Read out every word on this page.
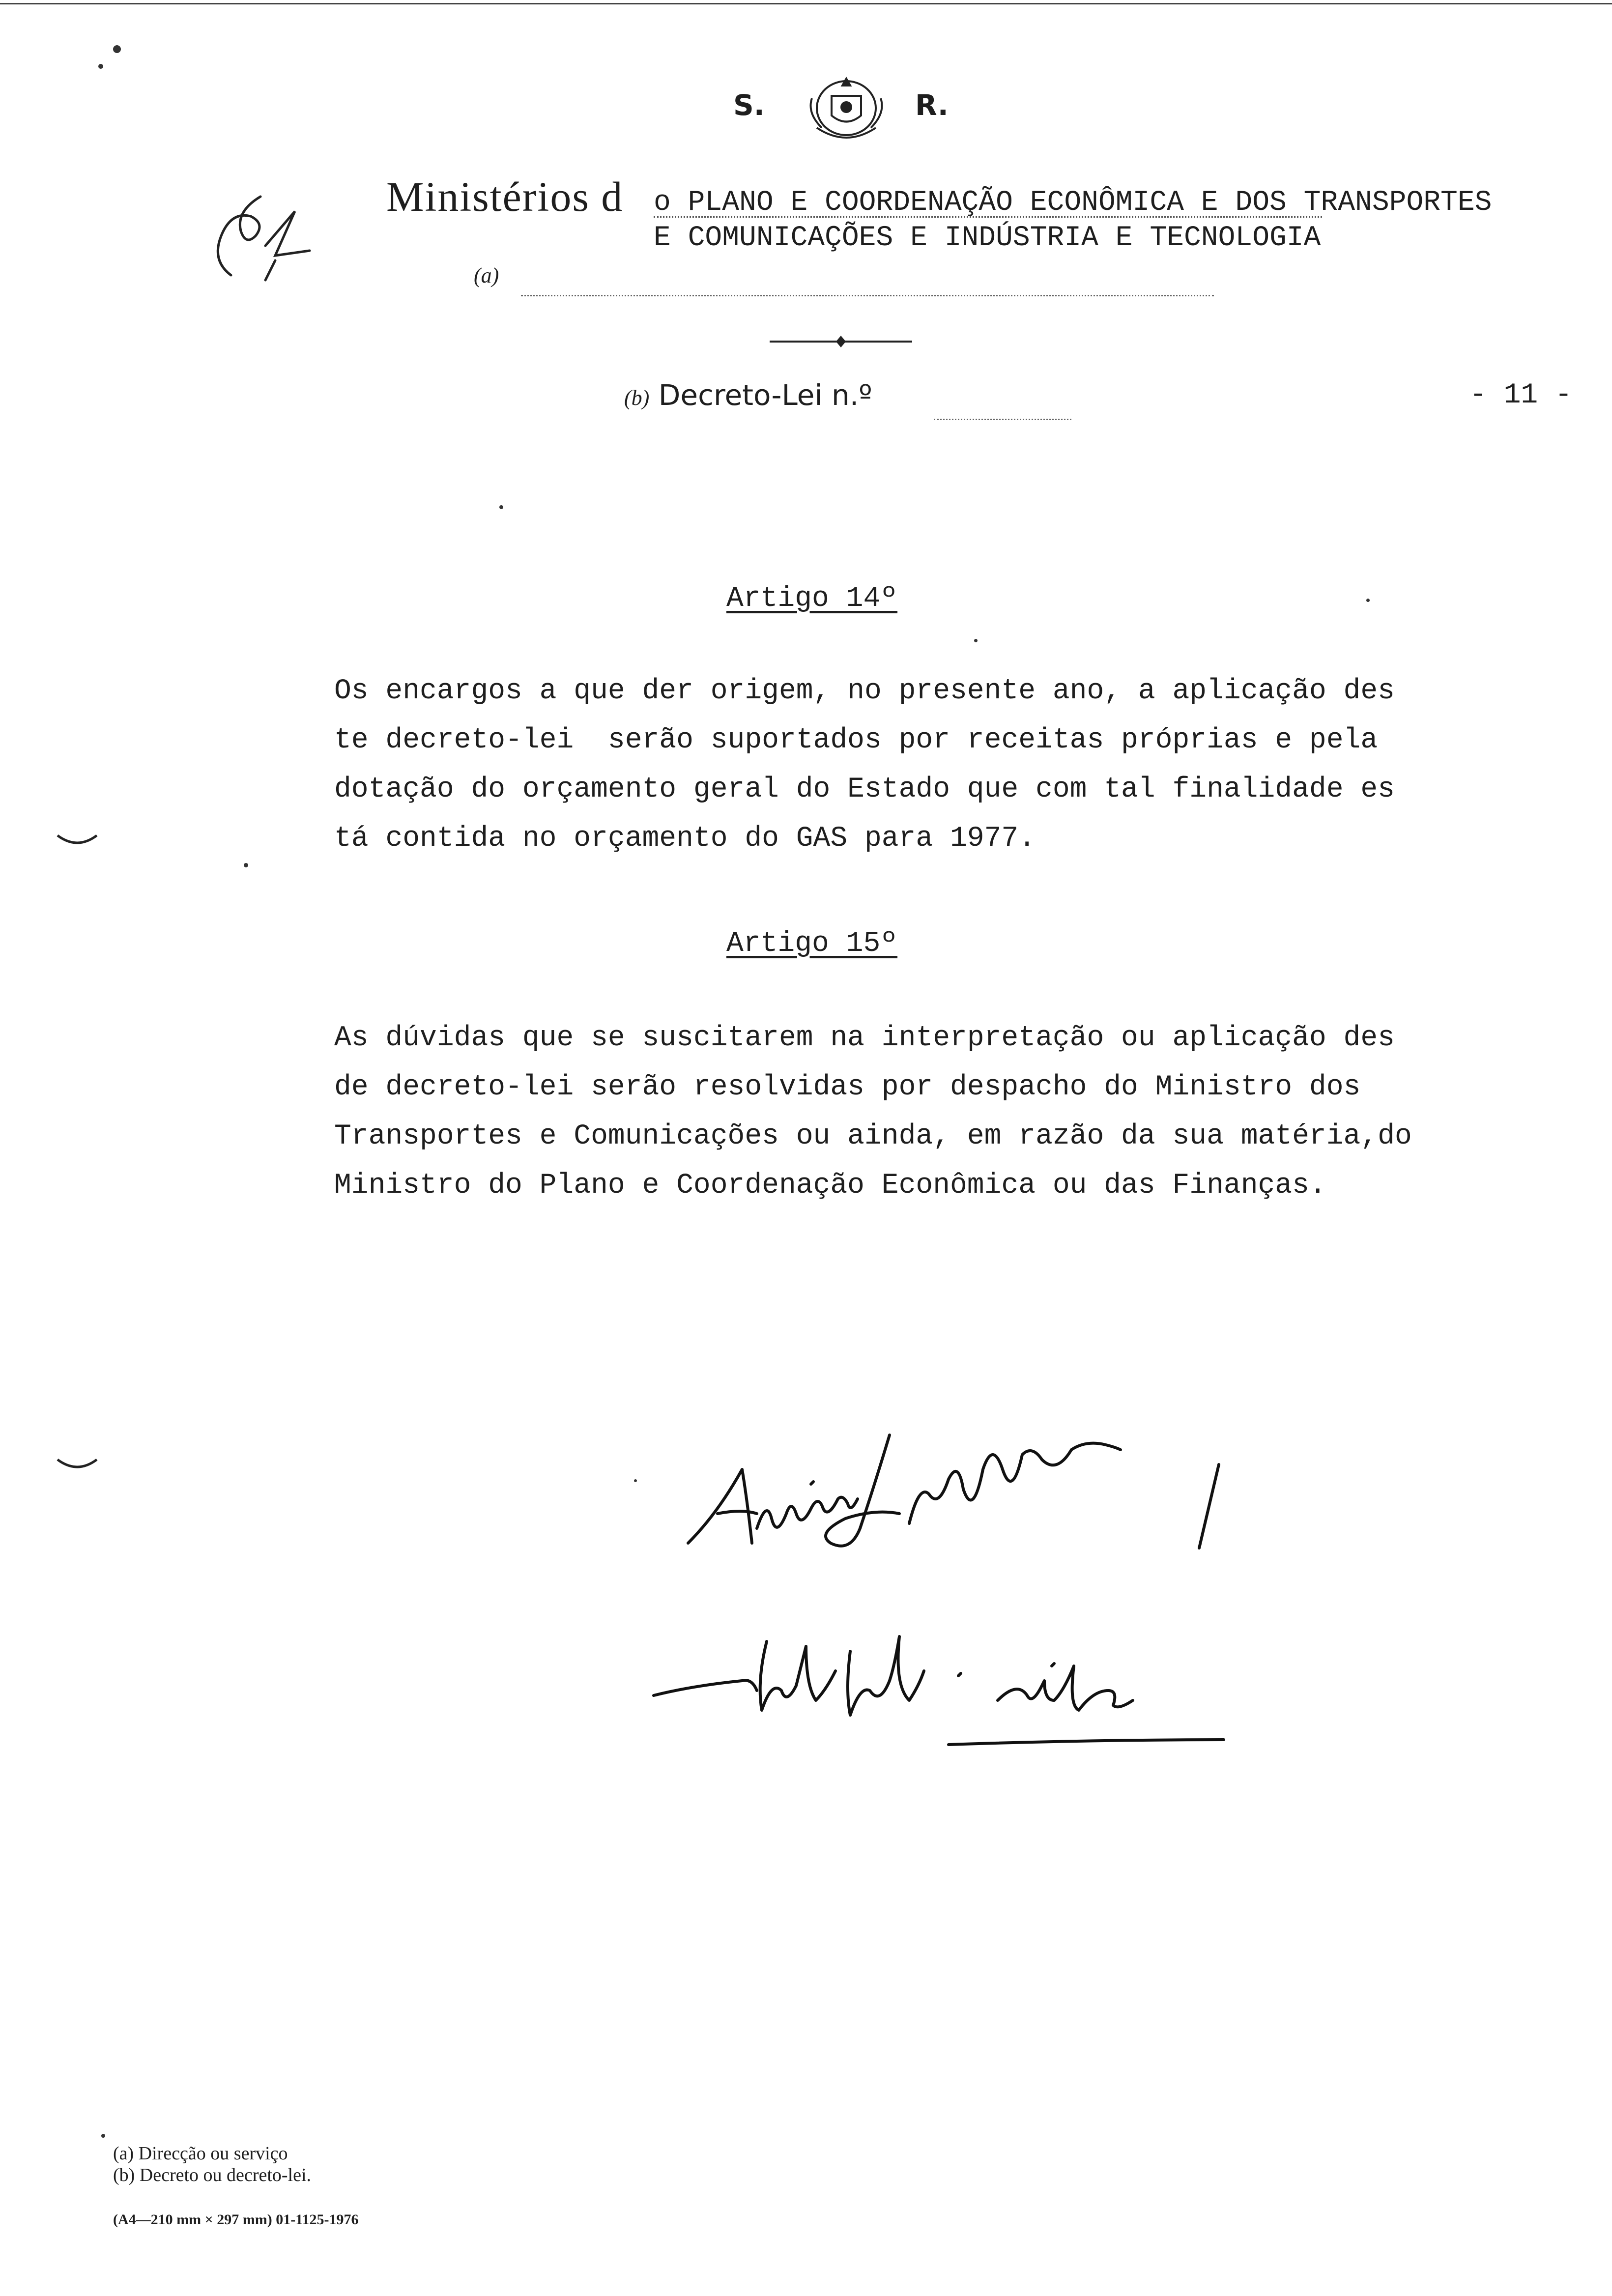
S.	R.
Ministérios d o PLANO E COORDENAÇÃO ECONÔMICA E DOS TRANSPORTES
E COMUNICAÇÕES E INDÚSTRIA E TECNOLOGIA
(a)
(b) Decreto-Lei n.º	- 11 -
Artigo 14º
Os encargos a que der origem, no presente ano, a aplicação des
te decreto-lei  serão suportados por receitas próprias e pela
dotação do orçamento geral do Estado que com tal finalidade es
tá contida no orçamento do GAS para 1977.
Artigo 15º
As dúvidas que se suscitarem na interpretação ou aplicação des
de decreto-lei serão resolvidas por despacho do Ministro dos
Transportes e Comunicações ou ainda, em razão da sua matéria,do
Ministro do Plano e Coordenação Econômica ou das Finanças.
(a) Direcção ou serviço
(b) Decreto ou decreto-lei.
(A4—210 mm × 297 mm) 01-1125-1976
